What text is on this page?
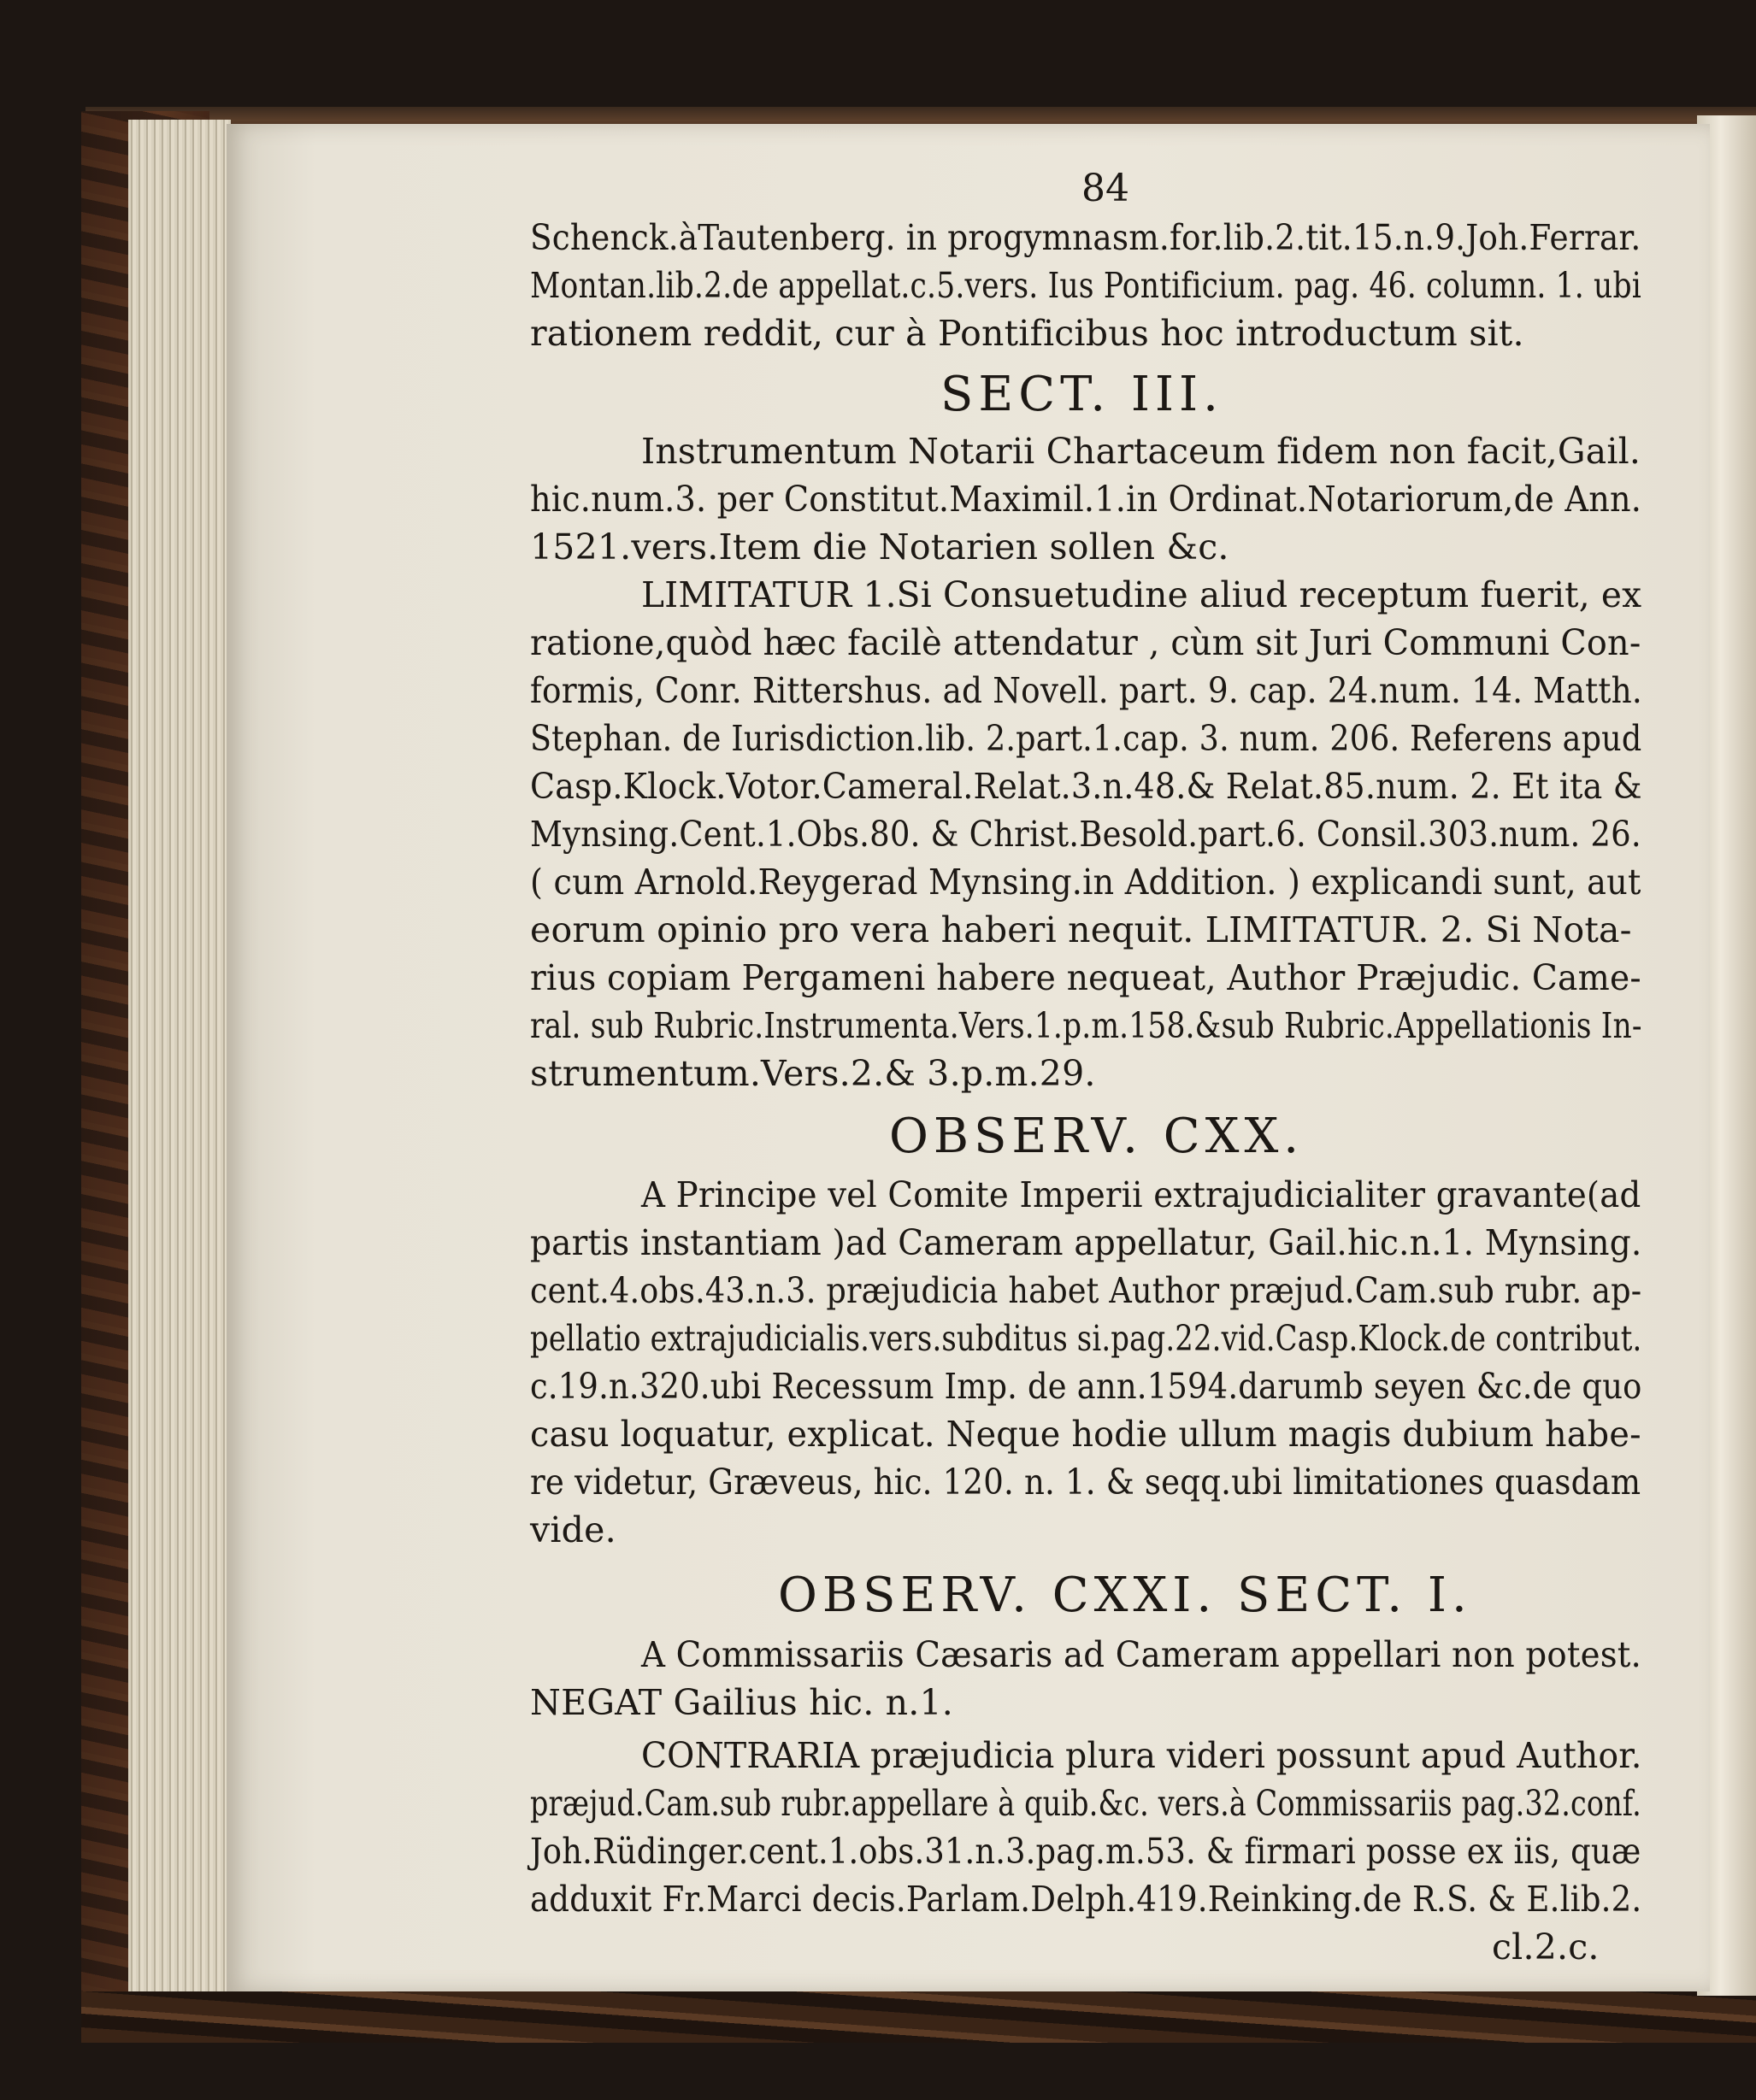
84
Schenck.àTautenberg. in progymnasm.for.lib.2.tit.15.n.9.Joh.Ferrar.
Montan.lib.2.de appellat.c.5.vers. Ius Pontificium. pag. 46. column. 1. ubi
rationem reddit, cur à Pontificibus hoc introductum sit.
SECT. III.
Instrumentum Notarii Chartaceum fidem non facit,Gail.
hic.num.3. per Constitut.Maximil.1.in Ordinat.Notariorum,de Ann.
1521.vers.Item die Notarien sollen &c.
LIMITATUR 1.Si Consuetudine aliud receptum fuerit, ex
ratione,quòd hæc facilè attendatur , cùm sit Juri Communi Con-
formis, Conr. Rittershus. ad Novell. part. 9. cap. 24.num. 14. Matth.
Stephan. de Iurisdiction.lib. 2.part.1.cap. 3. num. 206. Referens apud
Casp.Klock.Votor.Cameral.Relat.3.n.48.& Relat.85.num. 2. Et ita &
Mynsing.Cent.1.Obs.80. & Christ.Besold.part.6. Consil.303.num. 26.
( cum Arnold.Reygerad Mynsing.in Addition. ) explicandi sunt, aut
eorum opinio pro vera haberi nequit. LIMITATUR. 2. Si Nota-
rius copiam Pergameni habere nequeat, Author Præjudic. Came-
ral. sub Rubric.Instrumenta.Vers.1.p.m.158.&sub Rubric.Appellationis In-
strumentum.Vers.2.& 3.p.m.29.
OBSERV. CXX.
A Principe vel Comite Imperii extrajudicialiter gravante(ad
partis instantiam )ad Cameram appellatur, Gail.hic.n.1. Mynsing.
cent.4.obs.43.n.3. præjudicia habet Author præjud.Cam.sub rubr. ap-
pellatio extrajudicialis.vers.subditus si.pag.22.vid.Casp.Klock.de contribut.
c.19.n.320.ubi Recessum Imp. de ann.1594.darumb seyen &c.de quo
casu loquatur, explicat. Neque hodie ullum magis dubium habe-
re videtur, Græveus, hic. 120. n. 1. & seqq.ubi limitationes quasdam
vide.
OBSERV. CXXI. SECT. I.
A Commissariis Cæsaris ad Cameram appellari non potest.
NEGAT Gailius hic. n.1.
CONTRARIA præjudicia plura videri possunt apud Author.
præjud.Cam.sub rubr.appellare à quib.&c. vers.à Commissariis pag.32.conf.
Joh.Rüdinger.cent.1.obs.31.n.3.pag.m.53. & firmari posse ex iis, quæ
adduxit Fr.Marci decis.Parlam.Delph.419.Reinking.de R.S. & E.lib.2.
cl.2.c.
